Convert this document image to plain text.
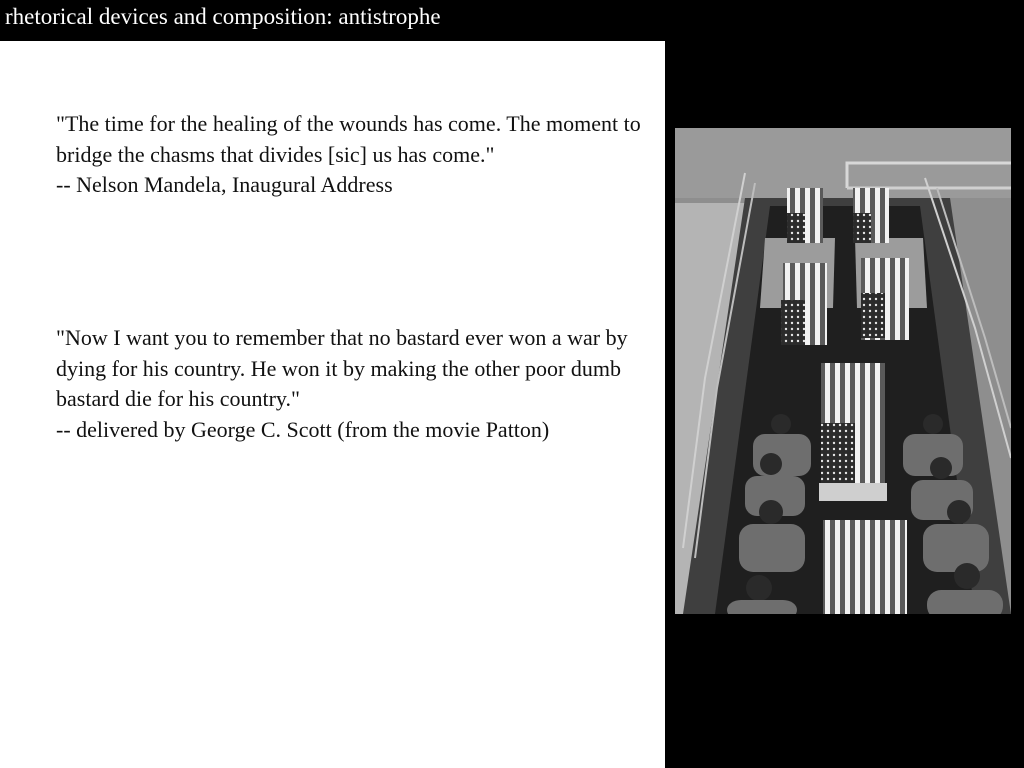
rhetorical devices and composition: antistrophe

"The time for the healing of the wounds has come. The moment to bridge the chasms that divides [sic] us has come."

-- Nelson Mandela, Inaugural Address

"Now I want you to remember that no bastard ever won a war by dying for his country. He won it by making the other poor dumb bastard die for his country."

-- delivered by George C. Scott (from the movie Patton)
